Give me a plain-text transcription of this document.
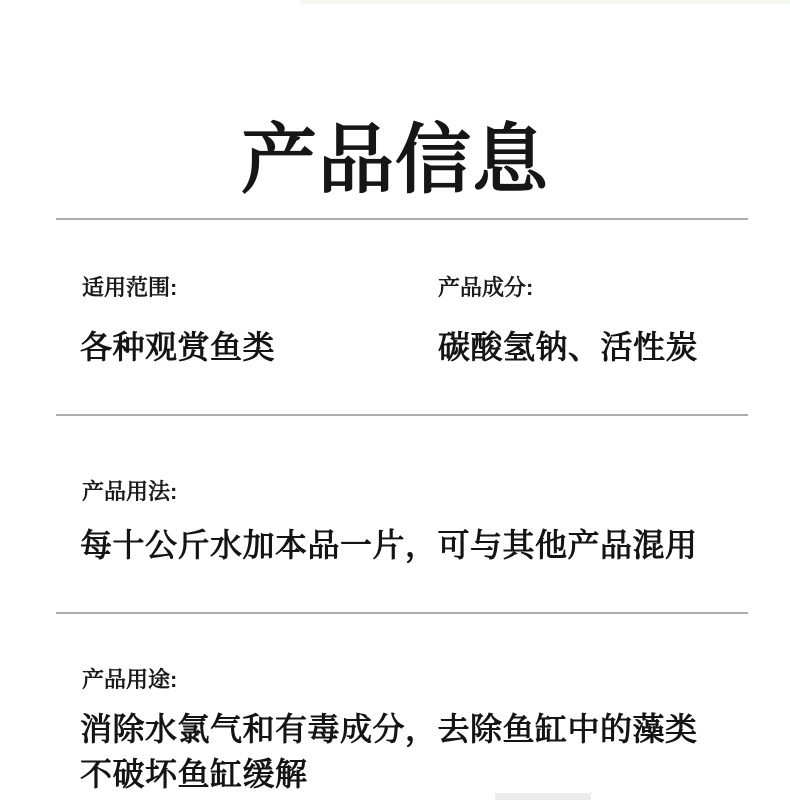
产品信息
适用范围:
各种观赏鱼类
产品成分:
碳酸氢钠、活性炭
产品用法:
每十公斤水加本品一片，可与其他产品混用
产品用途:
消除水氯气和有毒成分，去除鱼缸中的藻类
不破坏鱼缸缓解
